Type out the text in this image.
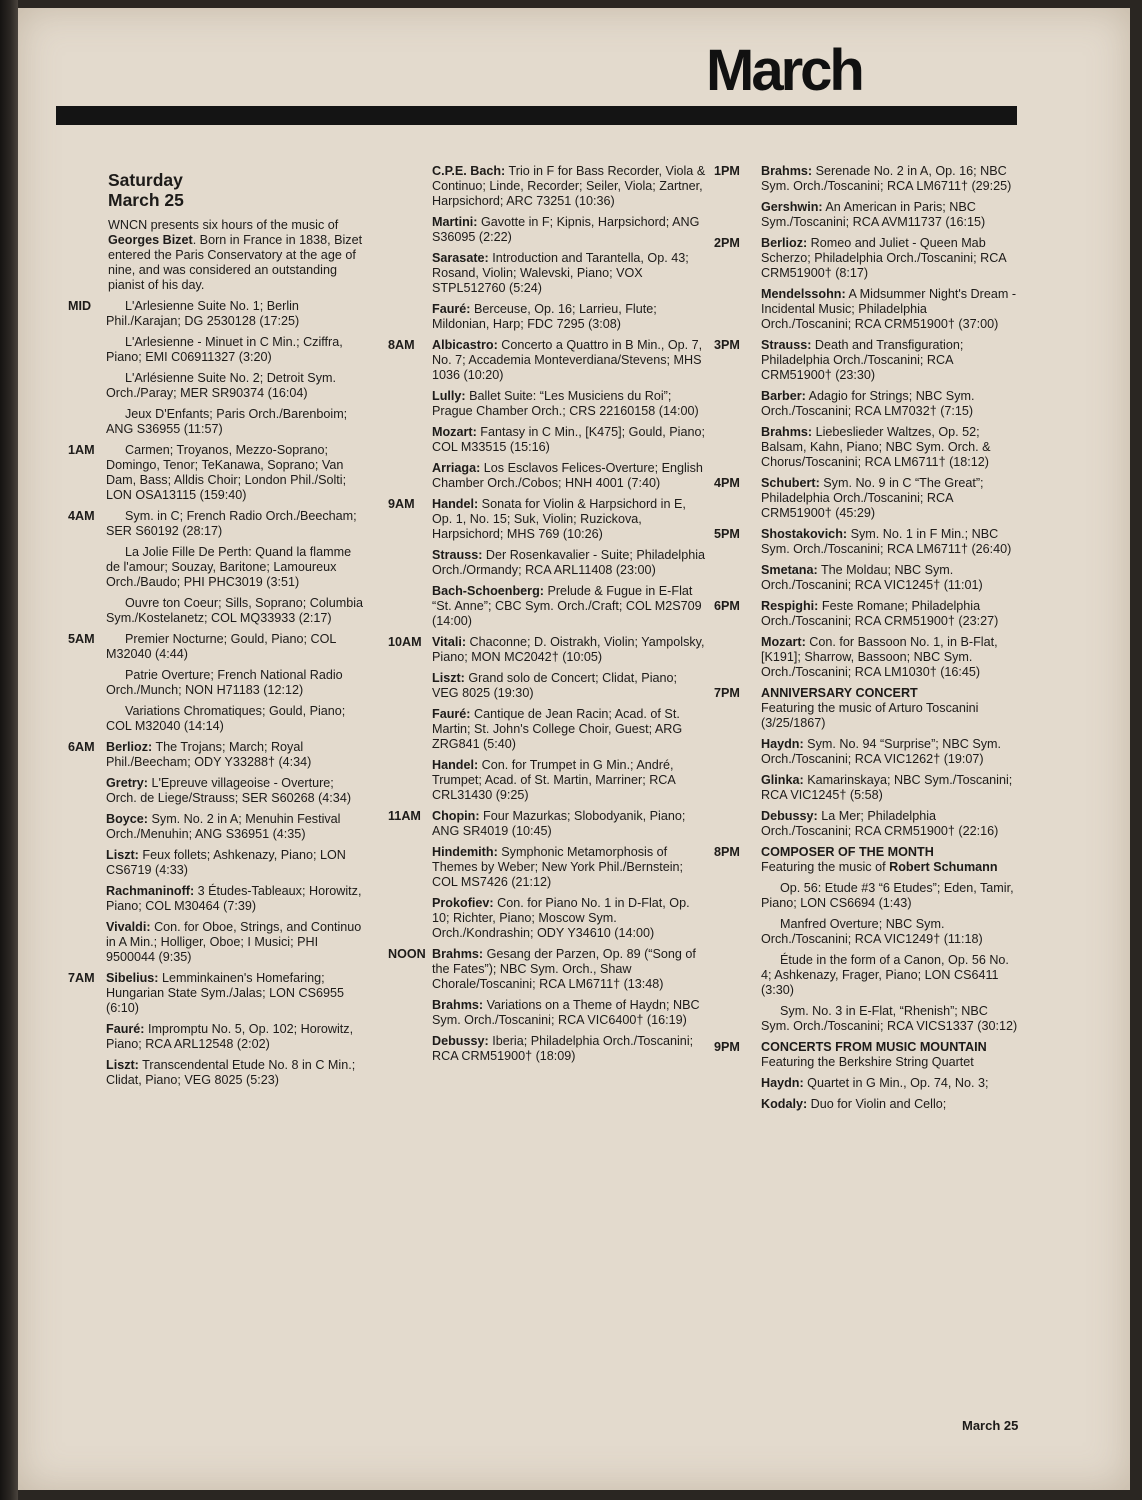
March
Saturday
March 25

WNCN presents six hours of the music of Georges Bizet. Born in France in 1838, Bizet entered the Paris Conservatory at the age of nine, and was considered an outstanding pianist of his day.

MID	L'Arlesienne Suite No. 1; Berlin Phil./Karajan; DG 2530128 (17:25)
L'Arlesienne - Minuet in C Min.; Cziffra, Piano; EMI C06911327 (3:20)
L'Arlésienne Suite No. 2; Detroit Sym. Orch./Paray; MER SR90374 (16:04)
Jeux D'Enfants; Paris Orch./Barenboim; ANG S36955 (11:57)
1AM	Carmen; Troyanos, Mezzo-Soprano; Domingo, Tenor; TeKanawa, Soprano; Van Dam, Bass; Alldis Choir; London Phil./Solti; LON OSA13115 (159:40)
4AM	Sym. in C; French Radio Orch./Beecham; SER S60192 (28:17)
La Jolie Fille De Perth: Quand la flamme de l'amour; Souzay, Baritone; Lamoureux Orch./Baudo; PHI PHC3019 (3:51)
Ouvre ton Coeur; Sills, Soprano; Columbia Sym./Kostelanetz; COL MQ33933 (2:17)
5AM	Premier Nocturne; Gould, Piano; COL M32040 (4:44)
Patrie Overture; French National Radio Orch./Munch; NON H71183 (12:12)
Variations Chromatiques; Gould, Piano; COL M32040 (14:14)
6AM Berlioz: The Trojans; March; Royal Phil./Beecham; ODY Y33288† (4:34)
Gretry: L'Epreuve villageoise - Overture; Orch. de Liege/Strauss; SER S60268 (4:34)
Boyce: Sym. No. 2 in A; Menuhin Festival Orch./Menuhin; ANG S36951 (4:35)
Liszt: Feux follets; Ashkenazy, Piano; LON CS6719 (4:33)
Rachmaninoff: 3 Études-Tableaux; Horowitz, Piano; COL M30464 (7:39)
Vivaldi: Con. for Oboe, Strings, and Continuo in A Min.; Holliger, Oboe; I Musici; PHI 9500044 (9:35)
7AM Sibelius: Lemminkainen's Homefaring; Hungarian State Sym./Jalas; LON CS6955 (6:10)
Fauré: Impromptu No. 5, Op. 102; Horowitz, Piano; RCA ARL12548 (2:02)
Liszt: Transcendental Etude No. 8 in C Min.; Clidat, Piano; VEG 8025 (5:23)
C.P.E. Bach: Trio in F for Bass Recorder, Viola & Continuo; Linde, Recorder; Seiler, Viola; Zartner, Harpsichord; ARC 73251 (10:36)
Martini: Gavotte in F; Kipnis, Harpsichord; ANG S36095 (2:22)
Sarasate: Introduction and Tarantella, Op. 43; Rosand, Violin; Walevski, Piano; VOX STPL512760 (5:24)
Fauré: Berceuse, Op. 16; Larrieu, Flute; Mildonian, Harp; FDC 7295 (3:08)
8AM Albicastro: Concerto a Quattro in B Min., Op. 7, No. 7; Accademia Monteverdiana/Stevens; MHS 1036 (10:20)
Lully: Ballet Suite: “Les Musiciens du Roi”; Prague Chamber Orch.; CRS 22160158 (14:00)
Mozart: Fantasy in C Min., [K475]; Gould, Piano; COL M33515 (15:16)
Arriaga: Los Esclavos Felices-Overture; English Chamber Orch./Cobos; HNH 4001 (7:40)
9AM Handel: Sonata for Violin & Harpsichord in E, Op. 1, No. 15; Suk, Violin; Ruzickova, Harpsichord; MHS 769 (10:26)
Strauss: Der Rosenkavalier - Suite; Philadelphia Orch./Ormandy; RCA ARL11408 (23:00)
Bach-Schoenberg: Prelude & Fugue in E-Flat “St. Anne”; CBC Sym. Orch./Craft; COL M2S709 (14:00)
10AM Vitali: Chaconne; D. Oistrakh, Violin; Yampolsky, Piano; MON MC2042† (10:05)
Liszt: Grand solo de Concert; Clidat, Piano; VEG 8025 (19:30)
Fauré: Cantique de Jean Racin; Acad. of St. Martin; St. John's College Choir, Guest; ARG ZRG841 (5:40)
Handel: Con. for Trumpet in G Min.; André, Trumpet; Acad. of St. Martin, Marriner; RCA CRL31430 (9:25)
11AM Chopin: Four Mazurkas; Slobodyanik, Piano; ANG SR4019 (10:45)
Hindemith: Symphonic Metamorphosis of Themes by Weber; New York Phil./Bernstein; COL MS7426 (21:12)
Prokofiev: Con. for Piano No. 1 in D-Flat, Op. 10; Richter, Piano; Moscow Sym. Orch./Kondrashin; ODY Y34610 (14:00)
NOON Brahms: Gesang der Parzen, Op. 89 (“Song of the Fates”); NBC Sym. Orch., Shaw Chorale/Toscanini; RCA LM6711† (13:48)
Brahms: Variations on a Theme of Haydn; NBC Sym. Orch./Toscanini; RCA VIC6400† (16:19)
Debussy: Iberia; Philadelphia Orch./Toscanini; RCA CRM51900† (18:09)
1PM Brahms: Serenade No. 2 in A, Op. 16; NBC Sym. Orch./Toscanini; RCA LM6711† (29:25)
Gershwin: An American in Paris; NBC Sym./Toscanini; RCA AVM11737 (16:15)
2PM Berlioz: Romeo and Juliet - Queen Mab Scherzo; Philadelphia Orch./Toscanini; RCA CRM51900† (8:17)
Mendelssohn: A Midsummer Night's Dream - Incidental Music; Philadelphia Orch./Toscanini; RCA CRM51900† (37:00)
3PM Strauss: Death and Transfiguration; Philadelphia Orch./Toscanini; RCA CRM51900† (23:30)
Barber: Adagio for Strings; NBC Sym. Orch./Toscanini; RCA LM7032† (7:15)
Brahms: Liebeslieder Waltzes, Op. 52; Balsam, Kahn, Piano; NBC Sym. Orch. & Chorus/Toscanini; RCA LM6711† (18:12)
4PM Schubert: Sym. No. 9 in C “The Great”; Philadelphia Orch./Toscanini; RCA CRM51900† (45:29)
5PM Shostakovich: Sym. No. 1 in F Min.; NBC Sym. Orch./Toscanini; RCA LM6711† (26:40)
Smetana: The Moldau; NBC Sym. Orch./Toscanini; RCA VIC1245† (11:01)
6PM Respighi: Feste Romane; Philadelphia Orch./Toscanini; RCA CRM51900† (23:27)
Mozart: Con. for Bassoon No. 1, in B-Flat, [K191]; Sharrow, Bassoon; NBC Sym. Orch./Toscanini; RCA LM1030† (16:45)
7PM ANNIVERSARY CONCERT
Featuring the music of Arturo Toscanini (3/25/1867)
Haydn: Sym. No. 94 “Surprise”; NBC Sym. Orch./Toscanini; RCA VIC1262† (19:07)
Glinka: Kamarinskaya; NBC Sym./Toscanini; RCA VIC1245† (5:58)
Debussy: La Mer; Philadelphia Orch./Toscanini; RCA CRM51900† (22:16)
8PM COMPOSER OF THE MONTH
Featuring the music of Robert Schumann
Op. 56: Etude #3 “6 Etudes”; Eden, Tamir, Piano; LON CS6694 (1:43)
Manfred Overture; NBC Sym. Orch./Toscanini; RCA VIC1249† (11:18)
Étude in the form of a Canon, Op. 56 No. 4; Ashkenazy, Frager, Piano; LON CS6411 (3:30)
Sym. No. 3 in E-Flat, “Rhenish”; NBC Sym. Orch./Toscanini; RCA VICS1337 (30:12)
9PM CONCERTS FROM MUSIC MOUNTAIN
Featuring the Berkshire String Quartet
Haydn: Quartet in G Min., Op. 74, No. 3;
Kodaly: Duo for Violin and Cello;
March 25
